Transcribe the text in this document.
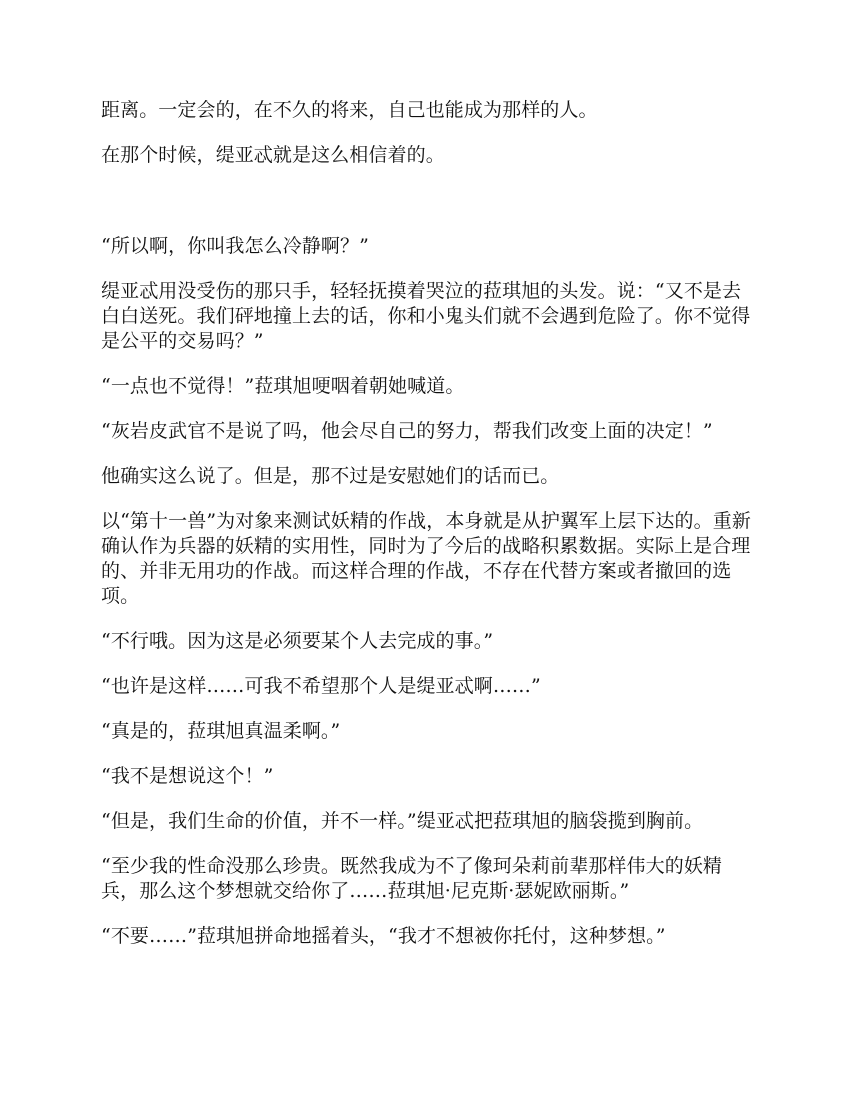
距离。一定会的，在不久的将来，自己也能成为那样的人。

在那个时候，缇亚忒就是这么相信着的。

“所以啊，你叫我怎么冷静啊？”

缇亚忒用没受伤的那只手，轻轻抚摸着哭泣的菈琪旭的头发。说：“又不是去白白送死。我们砰地撞上去的话，你和小鬼头们就不会遇到危险了。你不觉得是公平的交易吗？”

“一点也不觉得！”菈琪旭哽咽着朝她喊道。

“灰岩皮武官不是说了吗，他会尽自己的努力，帮我们改变上面的决定！”

他确实这么说了。但是，那不过是安慰她们的话而已。

以“第十一兽”为对象来测试妖精的作战，本身就是从护翼军上层下达的。重新确认作为兵器的妖精的实用性，同时为了今后的战略积累数据。实际上是合理的、并非无用功的作战。而这样合理的作战，不存在代替方案或者撤回的选项。

“不行哦。因为这是必须要某个人去完成的事。”

“也许是这样……可我不希望那个人是缇亚忒啊……”

“真是的，菈琪旭真温柔啊。”

“我不是想说这个！”

“但是，我们生命的价值，并不一样。”缇亚忒把菈琪旭的脑袋揽到胸前。

“至少我的性命没那么珍贵。既然我成为不了像珂朵莉前辈那样伟大的妖精兵，那么这个梦想就交给你了……菈琪旭·尼克斯·瑟妮欧丽斯。”

“不要……”菈琪旭拼命地摇着头，“我才不想被你托付，这种梦想。”
